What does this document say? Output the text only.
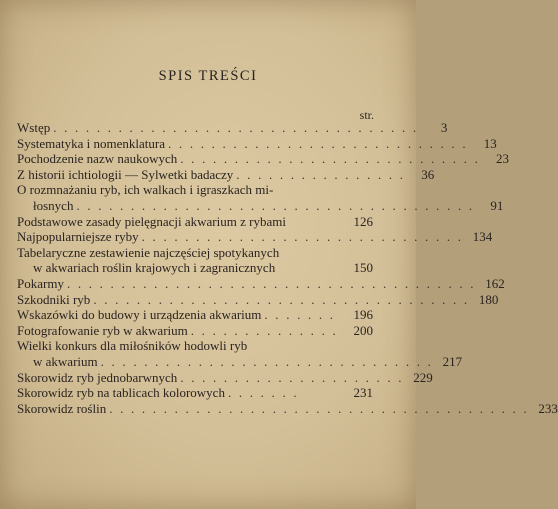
SPIS TREŚCI
str.
Wstęp . . . . . . . . . . . . . . . . . . . . . . . . . . . . . . . . . .	3
Systematyka i nomenklatura . . . . . . . . . . . . . . . . . . . . . . . . . . . .	13
Pochodzenie nazw naukowych . . . . . . . . . . . . . . . . . . . . . . . . . . . .	23
Z historii ichtiologii — Sylwetki badaczy . . . . . . . . . . . . . . . .	36
O rozmnażaniu ryb, ich walkach i igraszkach mi-
łosnych . . . . . . . . . . . . . . . . . . . . . . . . . . . . . . . . . . . . .	91
Podstawowe zasady pielęgnacji akwarium z rybami	126
Najpopularniejsze ryby . . . . . . . . . . . . . . . . . . . . . . . . . . . . . . 134
Tabelaryczne zestawienie najczęściej spotykanych
w akwariach roślin krajowych i zagranicznych	150
Pokarmy . . . . . . . . . . . . . . . . . . . . . . . . . . . . . . . . . . . . . . 162
Szkodniki ryb . . . . . . . . . . . . . . . . . . . . . . . . . . . . . . . . . . . 180
Wskazówki do budowy i urządzenia akwarium . . . . . . .	196
Fotografowanie ryb w akwarium . . . . . . . . . . . . . .	200
Wielki konkurs dla miłośników hodowli ryb
w akwarium . . . . . . . . . . . . . . . . . . . . . . . . . . . . . . . 217
Skorowidz ryb jednobarwnych . . . . . . . . . . . . . . . . . . . . . 229
Skorowidz ryb na tablicach kolorowych . . . . . . .	231
Skorowidz roślin . . . . . . . . . . . . . . . . . . . . . . . . . . . . . . . . . . . . . . . 233
